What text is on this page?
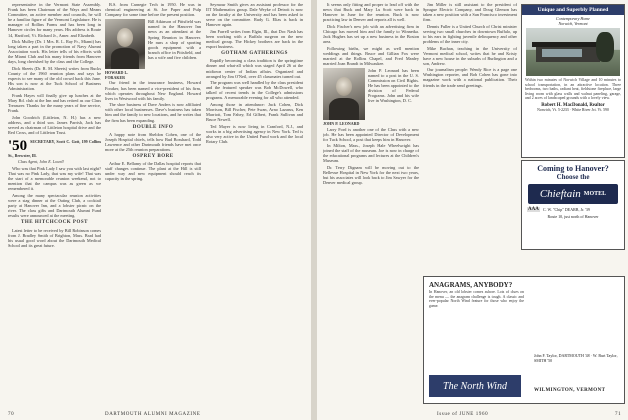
representative in the Vermont State Assembly. Frank has been Chairman of the Ways and Means Committee, an active member and councils, he will be a familiar figure of the Vermont Legislature. He is manager of Rollins Farms and has been long in Hanover circles for many years. His address is Route 14, Hartford, Vt. Richard Jr., Amer. and Elizabeth.

Dick Mulley (Dr. 1 Mrs. R. L. Ray Fr., Miami) has long taken a part in the promotion of Navy Alumni Association work. His letter tells of his efforts with the Miami Club and his many friends from Hanover days, long cherished by the class and the College.

Dick Sheets (Dr. R. M. Sheets) writes from Bucks County of the 1960 reunion plans and says he expects to see many of the old crowd back this June. His son is now at the Tuck School of Business Administration.

Frank Hayes will finally give up lunches at the Mary Rd. club at the Inn and has retired as our Class Treasurer. Thanks for the many years of fine service, Frank.

John Goodrich (Littleton, N. H.) has a new address, and a third son. James Parrish, Jack has served as chairman of Littleton hospital drive and the Red Cross, and of Littleton Trust.

'50 SECRETARY, Scott C. Gott, 199 Collins St., Brewster, Ill.
Class Agent, John E. Lowell

Who was that Pink Lady I saw you with last night? That was no Pink Lady, that was my wife! That was the start of a memorable reunion weekend, not to mention that the campus was as green as we remembered it.

Among the many spectacular reunion activities were a stag dinner at the Outing Club, a cocktail party at Hanover Inn, and a lobster picnic on the river. The class gifts and Dartmouth Alumni Fund results were announced at the meeting.

THE HITCHCOCK POST

Latest letter to be received by Bill Robinson comes from J. Bradley Smith of Brighton, Mass. Brad had his usual good word about the Dartmouth Medical School and its great future.

B.S. from Carnegie Tech in 1950. He was in chemical engineering at St. Joe Paper and Pulp Company for some time before the present position.

Bill Atkinson of Pittsfield was named in the Hanover Inn news as an attendant at the Spring Reunion in Hanover. He runs a shop of sporting goods equipment with a branch office in Pittsfield, and has a wife and five children.
HOWARD L. FORAKER

Our friend in the insurance business, Howard Foraker, has been named a vice-president of his firm, which operates throughout New England. Howard lives in Westwood with his family.

The shoe business of Dave Anders is now affiliated with other local businesses. Dave's business has taken him and the family to new locations, and he writes that the firm has been expanding.

DOUBLE INFO

A happy note from Sheldon Cohen, one of the Joseph Hospital chiefs, tells how Bud Bosshard, Todd Lawrence and other Dartmouth friends have met once more at the 25th reunion preparations.

OSPREY BORE

Arthur E. Bellamy of the Dallas hospital reports that staff changes continue. The plant at the Hill is still under way and new equipment should reach its capacity in the spring.

Seymour Smith gives an assistant professor for the IIT Mathematics group. Dale Weyke of Detroit is now on the faculty at the University and has been asked to serve on the committee. Rudy G. Elias is back in Hanover again.

Jim Farrell writes from Elgin, Ill., that Doc Nash has been working with a Buffalo surgeon on the new medical group. The Hickey brothers are back in the export business.

GOTHAM GATHERINGS

Rapidly becoming a class tradition is the springtime dinner and what-all which was staged April 26 at the midtown center of Indian affairs. Organized and arranged by Jim O'Neil, over 45 classmates turned out.

The program was well handled by the class president and the featured speaker was Bob McDowell, who talked of recent trends in the College's admissions programs. A memorable evening for all who attended.

Among those in attendance: Jack Cohen, Dick Morrison, Bill Fischer, Pete Swan, Arno Lazarus, Ken Marriott, Tom Fahey, Ed Gilbert, Frank Sullivan and Bruce Newell.

Ted Mayer is now living in Cranford, N.J., and works in a big advertising agency in New York. Ted is also very active in the United Fund work and the local Rotary Club.

70	DARTMOUTH ALUMNI MAGAZINE

It seems only fitting and proper to lead off with the news that Buck and Mary Lu Scott were back in Hanover in June for the reunion. Buck is now practicing law in Denver and reports all is well.

Dick Fischer's new job with an advertising firm in Chicago has moved him and the family to Winnetka. Jack Hughes has set up a new business in the Boston area.

Following births, we might as well mention weddings and things. Bruce and Gillian Fox were married at the Rollins Chapel, and Fred Manley married Joan Brandt in Milwaukee.

John P. Leonard has been named to a post in the U. S. Commission on Civil Rights. He has been appointed to the division of Federal Programs. John and his wife live in Washington, D. C.
JOHN P. LEONARD

Larry Ford is another one of the Class with a new job. He has been appointed Director of Development for Tuck School, a post that keeps him in Hanover.

In Milton, Mass., Joseph Hale Wheelwright has joined the staff of the museum. Joe is now in charge of the educational programs and lectures at the Children's Museum.

Dr. Terry Dignam will be moving out to the Bellevue Hospital in New York for the next two years, but his associates will look back to Jim Sawyer for the Denver medical group.

Jim Miller is still assistant to the president of Sprague Electric Company, and Doug Glemon has taken a new position with a San Francisco investment firm.

Dennis Fuller is a United Church of Christ minister serving two small churches in downtown Buffalo, up to his ears in fighting juvenile delinquency and other problems of the inner city.

Mike Buchan, teaching in the University of Vermont medical school, writes that he and Kristy have a new house in the suburbs of Burlington and a son, Andrew.

Our journalism people: Wendy Rice is a page one Washington reporter, and Bob Cohen has gone into magazine work with a national publication. Their friends in the trade send greetings.

Unique and Superbly Planned
Contemporary Home
Norwich, Vermont
Within two minutes of Norwich Village and 10 minutes to school transportation, in an attractive location. Three bedrooms, two baths, radiant heat, fieldstone fireplace, large living room with glass walls and walnut paneling, garage, and 2 acres of landscaped grounds with a lovely view.
Robert H. MacDonald, Realtor
Norwich, Vt. 5-2233 · White River Jct. Vt. 590
Coming to Hanover?
Choose the
Chieftain MOTEL
AAA C. W. "Chip" DEARB, Jr. '39
Route 10, just north of Hanover
ANAGRAMS, ANYBODY?
In Hanover, an old lobster comes ashore. Lots of clues on the menu — the anagram challenge is tough. A classic and ever-popular North Wind feature for those who enjoy the game.
The North Wind
John F. Taylor, DARTMOUTH '48 · W. Burt Taylor, SMITH '50
WILMINGTON, VERMONT
Issue of JUNE 1960	71
